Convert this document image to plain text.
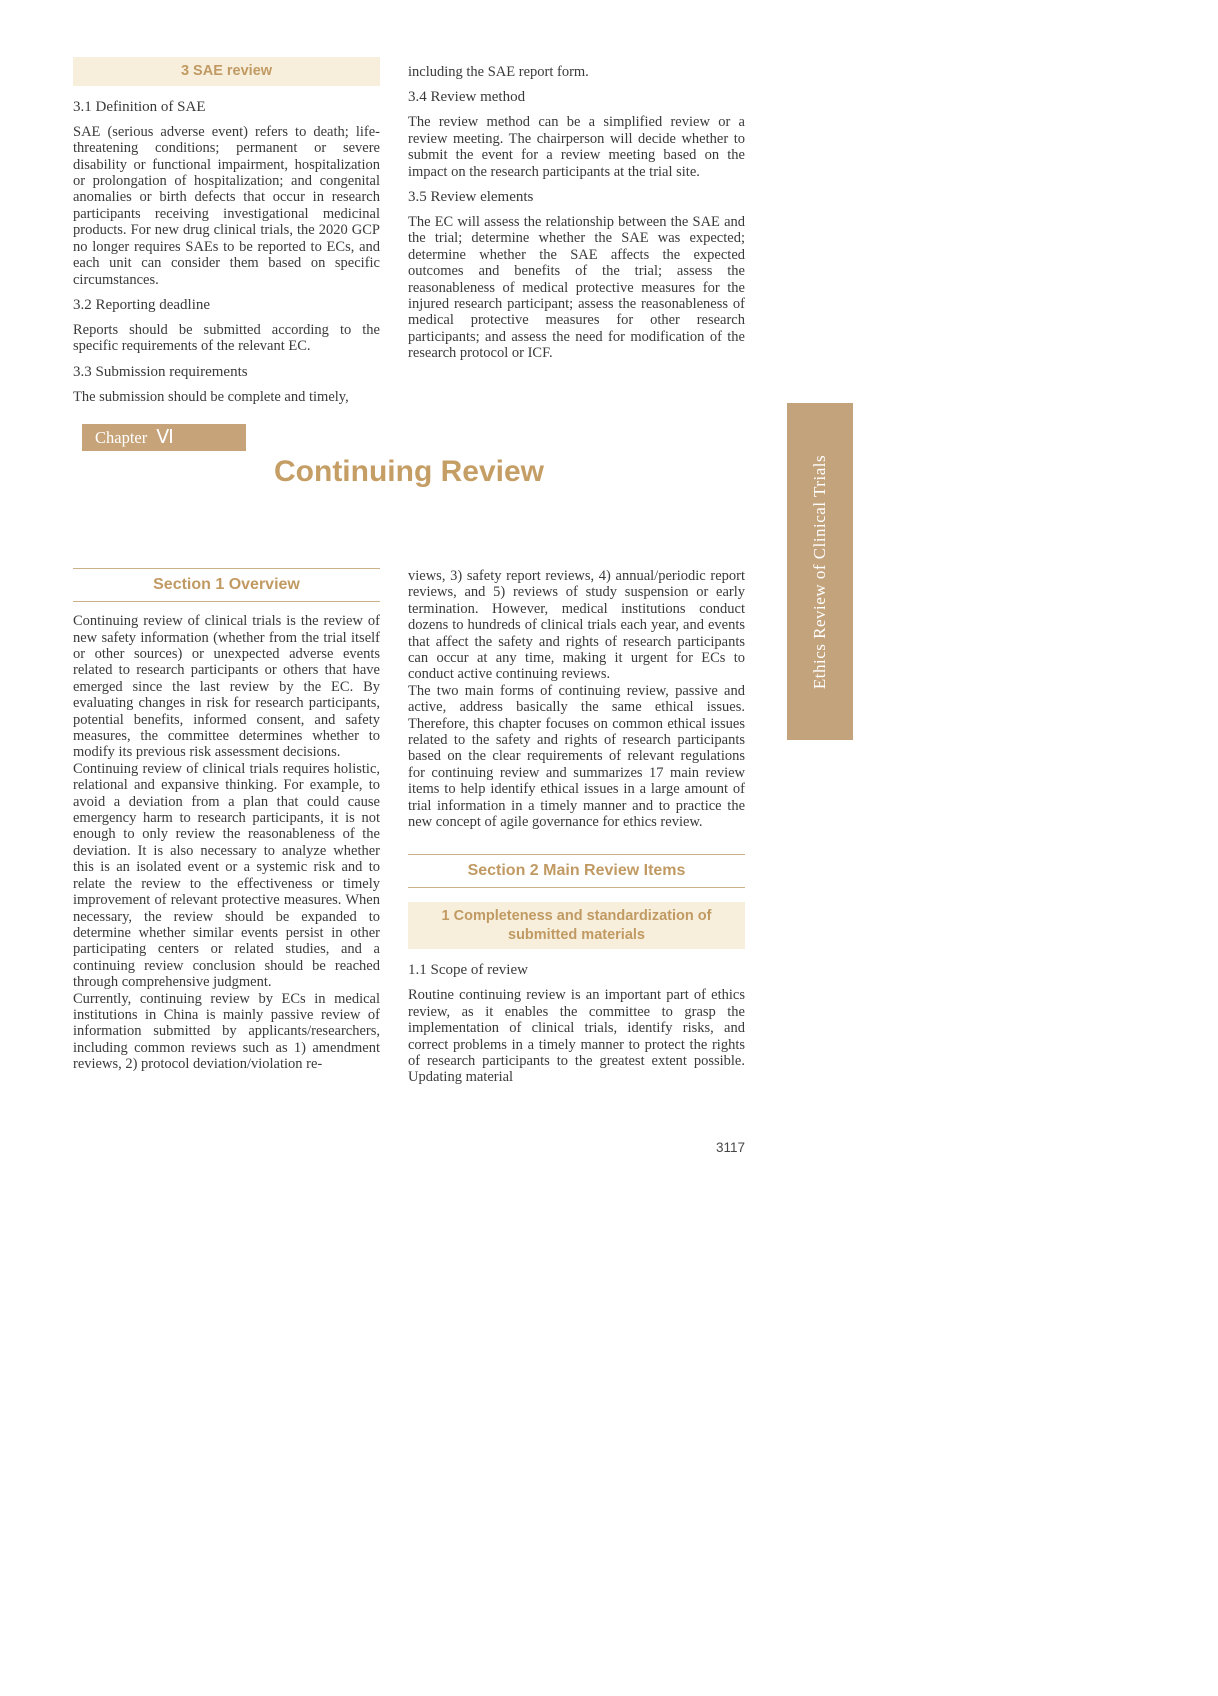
3 SAE review
3.1 Definition of SAE

SAE (serious adverse event) refers to death; life-threatening conditions; permanent or severe disability or functional impairment, hospitalization or prolongation of hospitalization; and congenital anomalies or birth defects that occur in research participants receiving investigational medicinal products. For new drug clinical trials, the 2020 GCP no longer requires SAEs to be reported to ECs, and each unit can consider them based on specific circumstances.

3.2 Reporting deadline

Reports should be submitted according to the specific requirements of the relevant EC.

3.3 Submission requirements

The submission should be complete and timely,

including the SAE report form.

3.4 Review method

The review method can be a simplified review or a review meeting. The chairperson will decide whether to submit the event for a review meeting based on the impact on the research participants at the trial site.

3.5 Review elements

The EC will assess the relationship between the SAE and the trial; determine whether the SAE was expected; determine whether the SAE affects the expected outcomes and benefits of the trial; assess the reasonableness of medical protective measures for the injured research participant; assess the reasonableness of medical protective measures for other research participants; and assess the need for modification of the research protocol or ICF.

Chapter Ⅵ
Continuing Review	Ethics Review of Clinical Trials
Section 1 Overview

Continuing review of clinical trials is the review of new safety information (whether from the trial itself or other sources) or unexpected adverse events related to research participants or others that have emerged since the last review by the EC. By evaluating changes in risk for research participants, potential benefits, informed consent, and safety measures, the committee determines whether to modify its previous risk assessment decisions.

Continuing review of clinical trials requires holistic, relational and expansive thinking. For example, to avoid a deviation from a plan that could cause emergency harm to research participants, it is not enough to only review the reasonableness of the deviation. It is also necessary to analyze whether this is an isolated event or a systemic risk and to relate the review to the effectiveness or timely improvement of relevant protective measures. When necessary, the review should be expanded to determine whether similar events persist in other participating centers or related studies, and a continuing review conclusion should be reached through comprehensive judgment.

Currently, continuing review by ECs in medical institutions in China is mainly passive review of information submitted by applicants/researchers, including common reviews such as 1) amendment reviews, 2) protocol deviation/violation re-

views, 3) safety report reviews, 4) annual/periodic report reviews, and 5) reviews of study suspension or early termination. However, medical institutions conduct dozens to hundreds of clinical trials each year, and events that affect the safety and rights of research participants can occur at any time, making it urgent for ECs to conduct active continuing reviews.

The two main forms of continuing review, passive and active, address basically the same ethical issues. Therefore, this chapter focuses on common ethical issues related to the safety and rights of research participants based on the clear requirements of relevant regulations for continuing review and summarizes 17 main review items to help identify ethical issues in a large amount of trial information in a timely manner and to practice the new concept of agile governance for ethics review.

Section 2 Main Review Items
1 Completeness and standardization of submitted materials
1.1 Scope of review

Routine continuing review is an important part of ethics review, as it enables the committee to grasp the implementation of clinical trials, identify risks, and correct problems in a timely manner to protect the rights of research participants to the greatest extent possible. Updating material

3117
